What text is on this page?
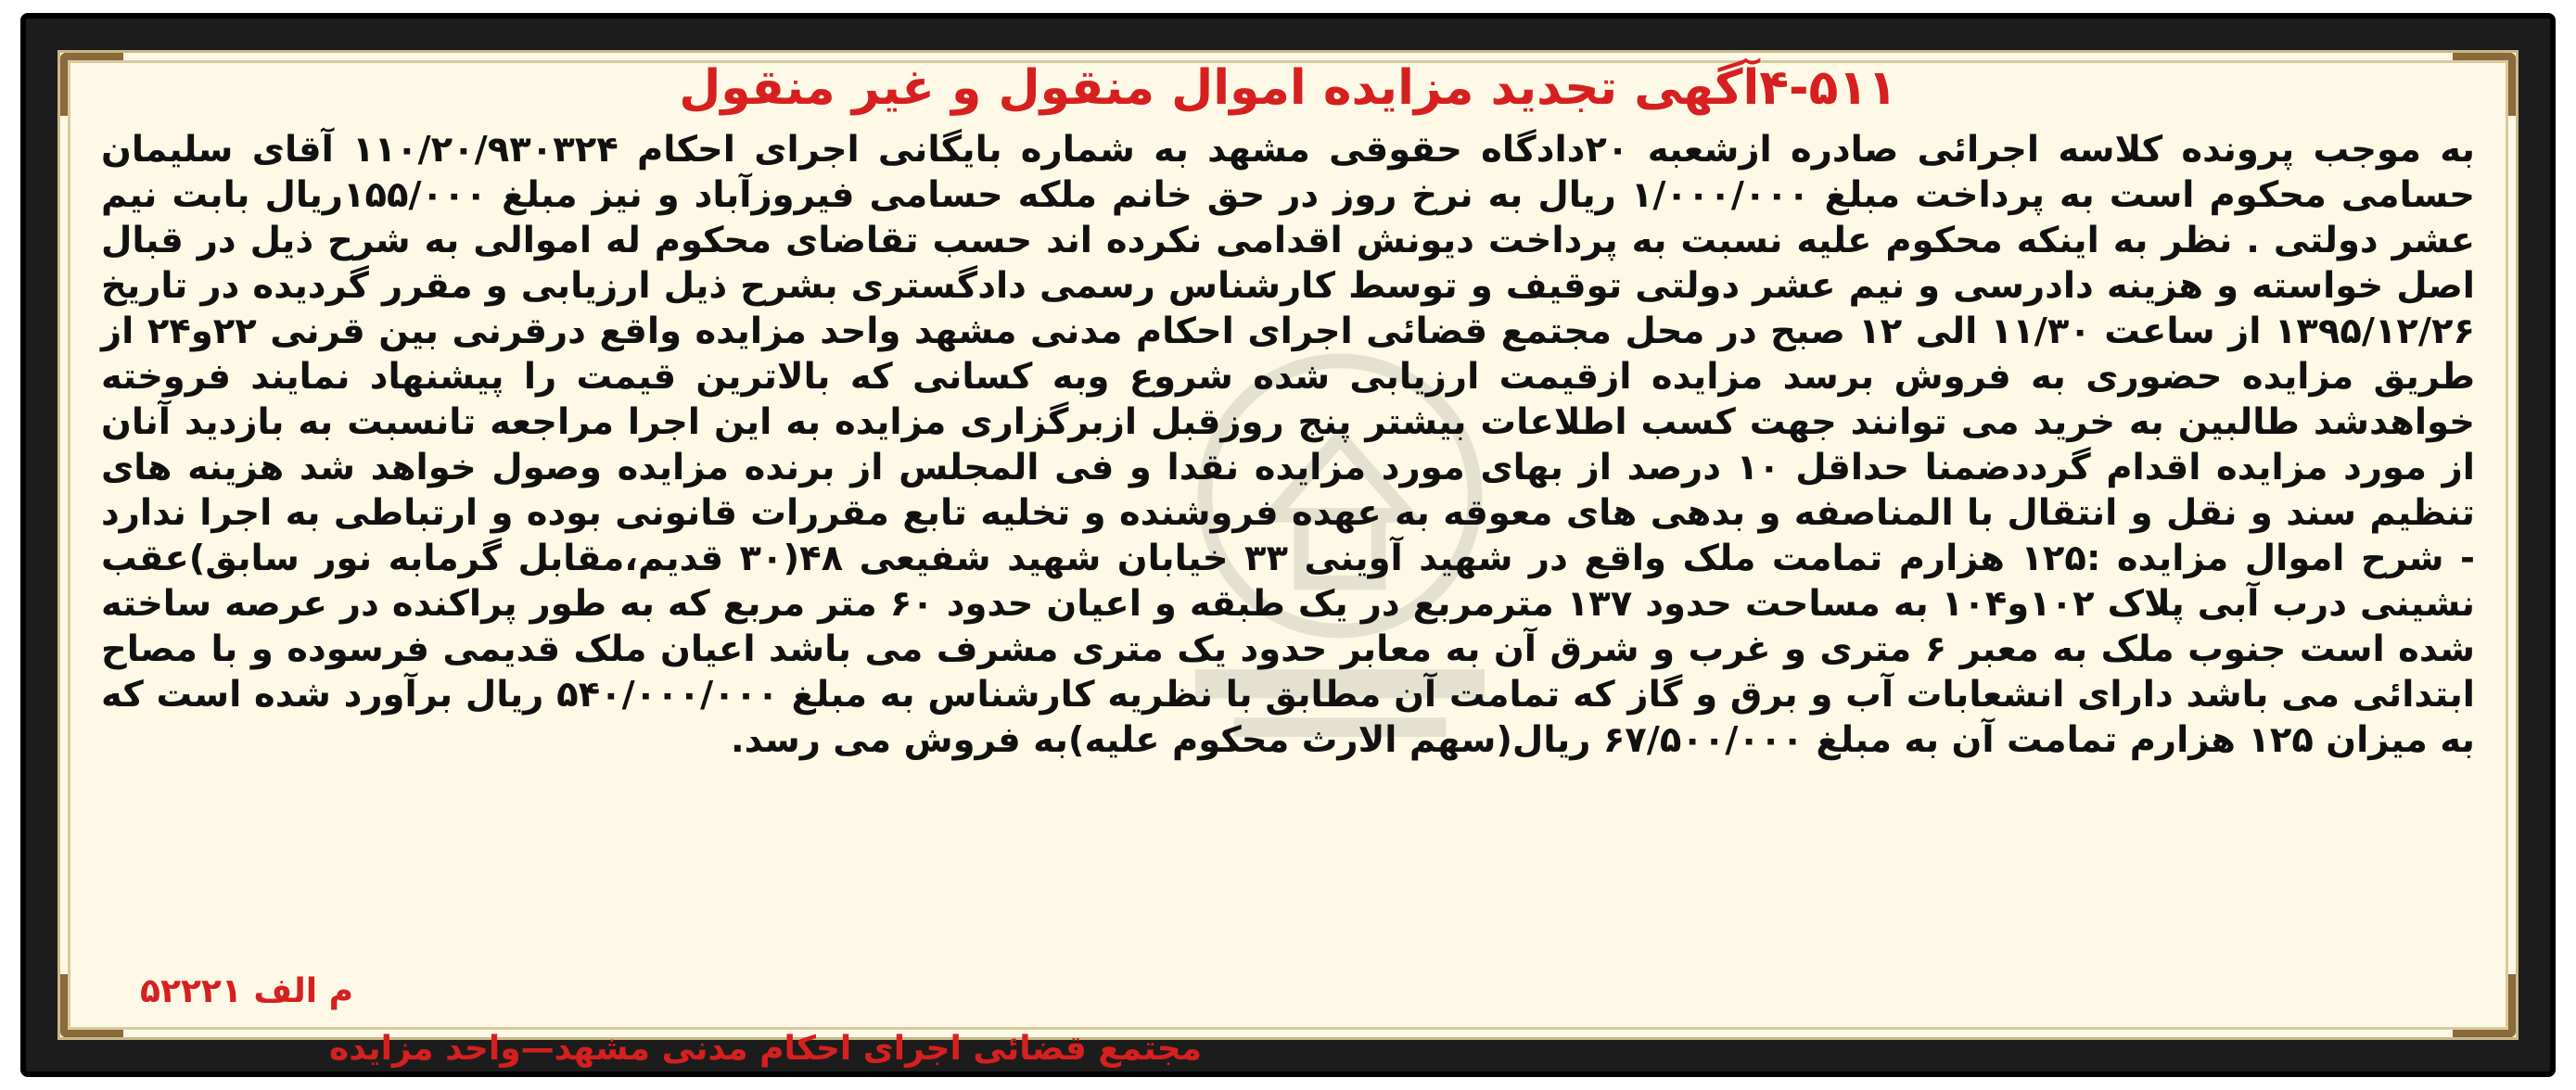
۴-۵۱۱آگهی تجدید مزایده اموال منقول و غیر منقول

به موجب پرونده کلاسه اجرائی صادره ازشعبه ۲۰دادگاه حقوقی مشهد به شماره بایگانی اجرای احکام ۱۱۰/۲۰/۹۳۰۳۲۴ آقای سلیمان حسامی محکوم است به پرداخت مبلغ ۱/۰۰۰/۰۰۰ ریال به نرخ روز در حق خانم ملکه حسامی فیروزآباد و نیز مبلغ ۱۵۵/۰۰۰ریال بابت نیم عشر دولتی . نظر به اینکه محکوم علیه نسبت به پرداخت دیونش اقدامی نکرده اند حسب تقاضای محکوم له اموالی به شرح ذیل در قبال اصل خواسته و هزینه دادرسی و نیم عشر دولتی توقیف و توسط کارشناس رسمی دادگستری بشرح ذیل ارزیابی و مقرر گردیده در تاریخ ۱۳۹۵/۱۲/۲۶ از ساعت ۱۱/۳۰ الی ۱۲ صبح در محل مجتمع قضائی اجرای احکام مدنی مشهد واحد مزایده واقع درقرنی بین قرنی ۲۲و۲۴ از طریق مزایده حضوری به فروش برسد مزایده ازقیمت ارزیابی شده شروع وبه کسانی که بالاترین قیمت را پیشنهاد نمایند فروخته خواهدشد طالبین به خرید می توانند جهت کسب اطلاعات بیشتر پنج روزقبل ازبرگزاری مزایده به این اجرا مراجعه تانسبت به بازدید آنان از مورد مزایده اقدام گرددضمنا حداقل ۱۰ درصد از بهای مورد مزایده نقدا و فی المجلس از برنده مزایده وصول خواهد شد هزینه های تنظیم سند و نقل و انتقال با المناصفه و بدهی های معوقه به عهده فروشنده و تخلیه تابع مقررات قانونی بوده و ارتباطی به اجرا ندارد - شرح اموال مزایده :۱۲۵ هزارم تمامت ملک واقع در شهید آوینی ۳۳ خیابان شهید شفیعی ۴۸(۳۰ قدیم،مقابل گرمابه نور سابق)عقب نشینی درب آبی پلاک ۱۰۲و۱۰۴ به مساحت حدود ۱۳۷ مترمربع در یک طبقه و اعیان حدود ۶۰ متر مربع که به طور پراکنده در عرصه ساخته شده است جنوب ملک به معبر ۶ متری و غرب و شرق آن به معابر حدود یک متری مشرف می باشد اعیان ملک قدیمی فرسوده و با مصاح ابتدائی می باشد دارای انشعابات آب و برق و گاز که تمامت آن مطابق با نظریه کارشناس به مبلغ ۵۴۰/۰۰۰/۰۰۰ ریال برآورد شده است که به میزان ۱۲۵ هزارم تمامت آن به مبلغ ۶۷/۵۰۰/۰۰۰ ریال(سهم الارث محکوم علیه)به فروش می رسد.

م الف ۵۲۲۲۱
مجتمع قضائی اجرای احکام مدنی مشهد—واحد مزایده
